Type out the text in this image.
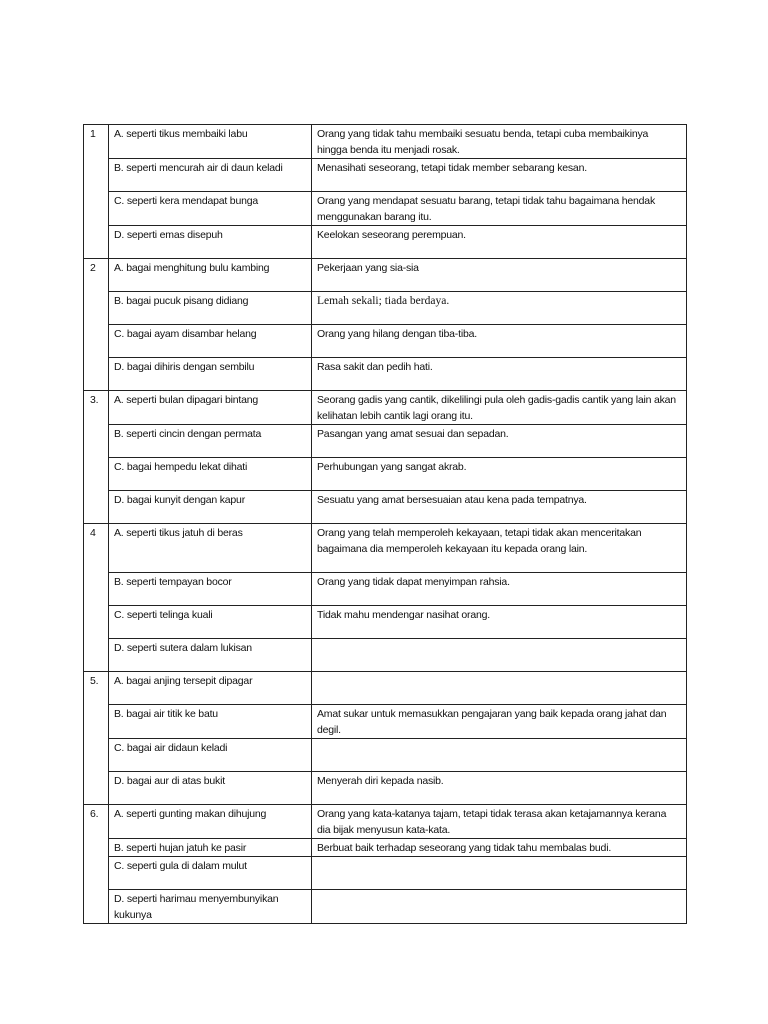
1	A. seperti tikus membaiki labu	Orang yang tidak tahu membaiki sesuatu benda, tetapi cuba membaikinya hingga benda itu menjadi rosak.
	B. seperti mencurah air di daun keladi	Menasihati seseorang, tetapi tidak member sebarang kesan.
	C. seperti kera mendapat bunga	Orang yang mendapat sesuatu barang, tetapi tidak tahu bagaimana hendak menggunakan barang itu.
	D. seperti emas disepuh	Keelokan seseorang perempuan.
2	A. bagai menghitung bulu kambing	Pekerjaan yang sia-sia
	B. bagai pucuk pisang didiang	Lemah sekali; tiada berdaya.
	C. bagai ayam disambar helang	Orang yang hilang dengan tiba-tiba.
	D. bagai dihiris dengan sembilu	Rasa sakit dan pedih hati.
3.	A. seperti bulan dipagari bintang	Seorang gadis yang cantik, dikelilingi pula oleh gadis-gadis cantik yang lain akan kelihatan lebih cantik lagi orang itu.
	B. seperti cincin dengan permata	Pasangan yang amat sesuai dan sepadan.
	C. bagai hempedu lekat dihati	Perhubungan yang sangat akrab.
	D. bagai kunyit dengan kapur	Sesuatu yang amat bersesuaian atau kena pada tempatnya.
4	A. seperti tikus jatuh di beras	Orang yang telah memperoleh kekayaan, tetapi tidak akan menceritakan bagaimana dia memperoleh kekayaan itu kepada orang lain.
	B. seperti tempayan bocor	Orang yang tidak dapat menyimpan rahsia.
	C. seperti telinga kuali	Tidak mahu mendengar nasihat orang.
	D. seperti sutera dalam lukisan	
5.	A. bagai anjing tersepit dipagar	
	B. bagai air titik ke batu	Amat sukar untuk memasukkan pengajaran yang baik kepada orang jahat dan degil.
	C. bagai air didaun keladi	
	D. bagai aur di atas bukit	Menyerah diri kepada nasib.
6.	A. seperti gunting makan dihujung	Orang yang kata-katanya tajam, tetapi tidak terasa akan ketajamannya kerana dia bijak menyusun kata-kata.
	B. seperti hujan jatuh ke pasir	Berbuat baik terhadap seseorang yang tidak tahu membalas budi.
	C. seperti gula di dalam mulut	
	D. seperti harimau menyembunyikan kukunya	
